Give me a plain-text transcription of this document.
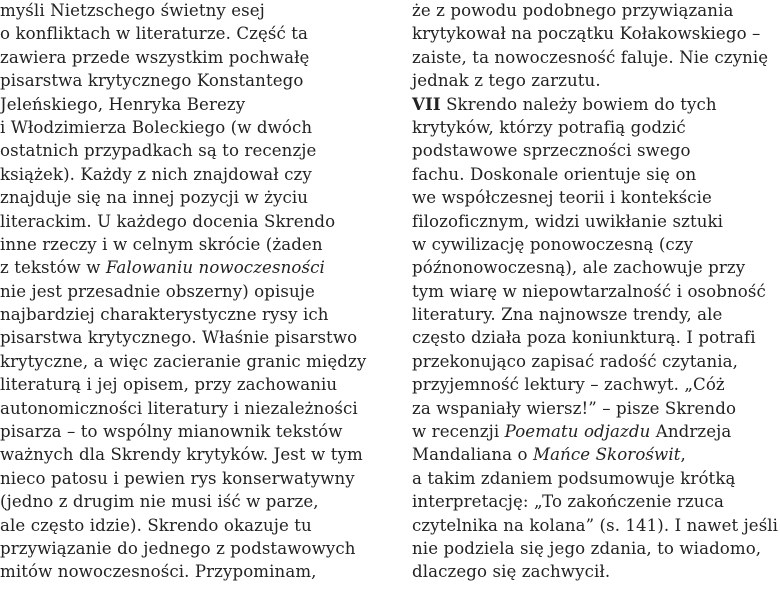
myśli Nietzschego świetny esej
o konfliktach w literaturze. Część ta
zawiera przede wszystkim pochwałę
pisarstwa krytycznego Konstantego
Jeleńskiego, Henryka Berezy
i Włodzimierza Boleckiego (w dwóch
ostatnich przypadkach są to recenzje
książek). Każdy z nich znajdował czy
znajduje się na innej pozycji w życiu
literackim. U każdego docenia Skrendo
inne rzeczy i w celnym skrócie (żaden
z tekstów w Falowaniu nowoczesności
nie jest przesadnie obszerny) opisuje
najbardziej charakterystyczne rysy ich
pisarstwa krytycznego. Właśnie pisarstwo
krytyczne, a więc zacieranie granic między
literaturą i jej opisem, przy zachowaniu
autonomiczności literatury i niezależności
pisarza – to wspólny mianownik tekstów
ważnych dla Skrendy krytyków. Jest w tym
nieco patosu i pewien rys konserwatywny
(jedno z drugim nie musi iść w parze,
ale często idzie). Skrendo okazuje tu
przywiązanie do jednego z podstawowych
mitów nowoczesności. Przypominam,
że z powodu podobnego przywiązania
krytykował na początku Kołakowskiego –
zaiste, ta nowoczesność faluje. Nie czynię
jednak z tego zarzutu.
VII Skrendo należy bowiem do tych
krytyków, którzy potrafią godzić
podstawowe sprzeczności swego
fachu. Doskonale orientuje się on
we współczesnej teorii i kontekście
filozoficznym, widzi uwikłanie sztuki
w cywilizację ponowoczesną (czy
późnonowoczesną), ale zachowuje przy
tym wiarę w niepowtarzalność i osobność
literatury. Zna najnowsze trendy, ale
często działa poza koniunkturą. I potrafi
przekonująco zapisać radość czytania,
przyjemność lektury – zachwyt. „Cóż
za wspaniały wiersz!” – pisze Skrendo
w recenzji Poematu odjazdu Andrzeja
Mandaliana o Mańce Skoroświt,
a takim zdaniem podsumowuje krótką
interpretację: „To zakończenie rzuca
czytelnika na kolana” (s. 141). I nawet jeśli
nie podziela się jego zdania, to wiadomo,
dlaczego się zachwycił.
